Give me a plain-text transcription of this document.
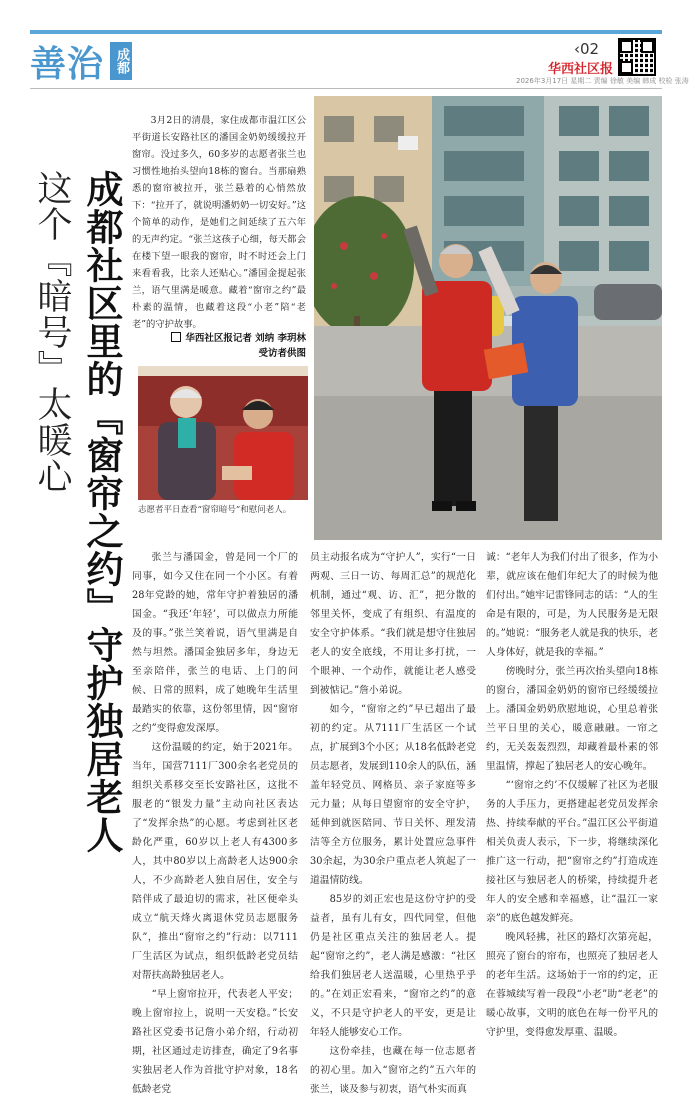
善治 成都	‹02
华西社区报
2026年3月17日 星期二 责编 徐敏 美编 韩成 校检 张涛
成都社区里的『窗帘之约』守护独居老人
这个『暗号』太暖心
3月2日的清晨，家住成都市温江区公平街道长安路社区的潘国金奶奶缓缓拉开窗帘。没过多久，60多岁的志愿者张兰也习惯性地抬头望向18栋的窗台。当那扇熟悉的窗帘被拉开，张兰悬着的心悄然放下：“拉开了，就说明潘奶奶一切安好。”这个简单的动作，是她们之间延续了五六年的无声约定。“张兰这孩子心细，每天都会在楼下望一眼我的窗帘，时不时还会上门来看看我，比亲人还贴心。”潘国金提起张兰，语气里满是暖意。藏着“窗帘之约”最朴素的温情，也藏着这段“小老”陪“老老”的守护故事。
华西社区报记者 刘纳 李玥林
受访者供图
志愿者平日查看“窗帘暗号”和慰问老人。

张兰与潘国金，曾是同一个厂的同事，如今又住在同一个小区。有着28年党龄的她，常年守护着独居的潘国金。“我还‘年轻’，可以做点力所能及的事。”张兰笑着说，语气里满是自然与坦然。潘国金独居多年，身边无至亲陪伴，张兰的电话、上门的问候、日常的照料，成了她晚年生活里最踏实的依靠，这份邻里情，因“窗帘之约”变得愈发深厚。

这份温暖的约定，始于2021年。当年，国营7111厂300余名老党员的组织关系移交至长安路社区，这批不服老的“银发力量”主动向社区表达了“发挥余热”的心愿。考虑到社区老龄化严重，60岁以上老人有4300多人，其中80岁以上高龄老人达900余人，不少高龄老人独自居住，安全与陪伴成了最迫切的需求，社区便牵头成立“航天烽火离退休党员志愿服务队”，推出“窗帘之约”行动：以7111厂生活区为试点，组织低龄老党员结对帮扶高龄独居老人。

“早上窗帘拉开，代表老人平安；晚上窗帘拉上，说明一天安稳。”长安路社区党委书记詹小弟介绍，行动初期，社区通过走访排查，确定了9名事实独居老人作为首批守护对象，18名低龄老党

员主动报名成为“守护人”，实行“一日两观、三日一访、每周汇总”的规范化机制，通过“观、访、汇”，把分散的邻里关怀，变成了有组织、有温度的安全守护体系。“我们就是想守住独居老人的安全底线，不用让多打扰，一个眼神、一个动作，就能让老人感受到被惦记。”詹小弟说。

如今，“窗帘之约”早已超出了最初的约定。从7111厂生活区一个试点，扩展到3个小区；从18名低龄老党员志愿者，发展到110余人的队伍，涵盖年轻党员、网格员、亲子家庭等多元力量；从每日望窗帘的安全守护，延伸到就医陪同、节日关怀、理发清洁等全方位服务，累计处置应急事件30余起，为30余户重点老人筑起了一道温情防线。

85岁的刘正宏也是这份守护的受益者，虽有儿有女，四代同堂，但他仍是社区重点关注的独居老人。提起“窗帘之约”，老人满是感激：“社区给我们独居老人送温暖，心里热乎乎的。”在刘正宏看来，“窗帘之约”的意义，不只是守护老人的平安，更是让年轻人能够安心工作。

这份牵挂，也藏在每一位志愿者的初心里。加入“窗帘之约”五六年的张兰，谈及参与初衷，语气朴实而真

诚：“老年人为我们付出了很多，作为小辈，就应该在他们年纪大了的时候为他们付出。”她牢记雷锋同志的话：“人的生命是有限的，可是，为人民服务是无限的。”她说：“服务老人就是我的快乐，老人身体好，就是我的幸福。”

傍晚时分，张兰再次抬头望向18栋的窗台，潘国金奶奶的窗帘已经缓缓拉上。潘国金奶奶欣慰地说，心里总着张兰平日里的关心，暖意融融。一帘之约，无关轰轰烈烈，却藏着最朴素的邻里温情，撑起了独居老人的安心晚年。

“‘窗帘之约’不仅缓解了社区为老服务的人手压力，更搭建起老党员发挥余热、持续奉献的平台。”温江区公平街道相关负责人表示，下一步，将继续深化推广这一行动，把“窗帘之约”打造成连接社区与独居老人的桥梁，持续提升老年人的安全感和幸福感，让“温江一家亲”的底色越发鲜亮。

晚风轻拂，社区的路灯次第亮起，照亮了窗台的帘布，也照亮了独居老人的老年生活。这场始于一帘的约定，正在蓉城续写着一段段“小老”助“老老”的暖心故事，文明的底色在每一份平凡的守护里，变得愈发厚重、温暖。
